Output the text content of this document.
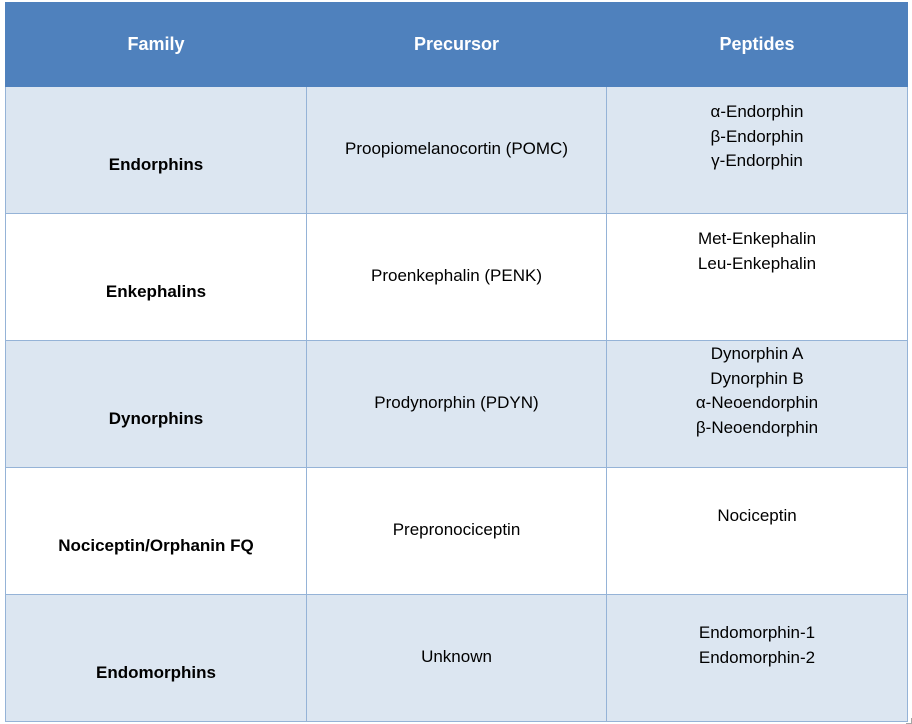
Family	Precursor	Peptides

Endorphins	Proopiomelanocortin (POMC)	α-Endorphin
β-Endorphin
γ-Endorphin

Enkephalins	Proenkephalin (PENK)	Met-Enkephalin
Leu-Enkephalin

Dynorphins	Prodynorphin (PDYN)	Dynorphin A
Dynorphin B
α-Neoendorphin
β-Neoendorphin

Nociceptin/Orphanin FQ	Prepronociceptin	Nociceptin

Endomorphins	Unknown	Endomorphin-1
Endomorphin-2
